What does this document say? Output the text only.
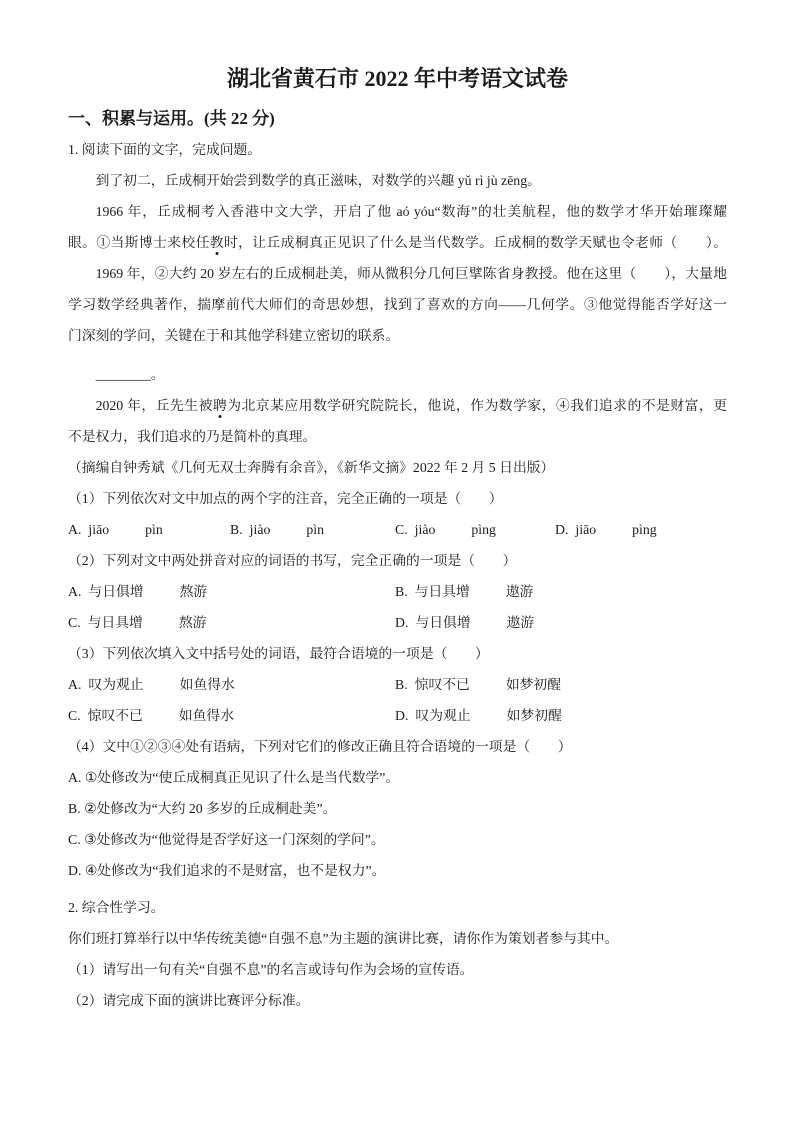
湖北省黄石市 2022 年中考语文试卷
一、积累与运用。(共 22 分)
1. 阅读下面的文字，完成问题。
到了初二，丘成桐开始尝到数学的真正滋味，对数学的兴趣 yǔ rì jù zēng。
1966 年，丘成桐考入香港中文大学，开启了他 aó yóu“数海”的壮美航程，他的数学才华开始璀璨耀
眼。①当斯博士来校任教时，让丘成桐真正见识了什么是当代数学。丘成桐的数学天赋也令老师（　　）。
1969 年，②大约 20 岁左右的丘成桐赴美，师从微积分几何巨擘陈省身教授。他在这里（　　），大量地
学习数学经典著作，揣摩前代大师们的奇思妙想，找到了喜欢的方向——几何学。③他觉得能否学好这一
门深刻的学问，关键在于和其他学科建立密切的联系。
________。
2020 年，丘先生被聘为北京某应用数学研究院院长，他说，作为数学家，④我们追求的不是财富，更
不是权力，我们追求的乃是简朴的真理。
（摘编自钟秀斌《几何无双士奔腾有余音》，《新华文摘》2022 年 2 月 5 日出版）
（1）下列依次对文中加点的两个字的注音，完全正确的一项是（　　）
A. jiāo	pìn	B. jiào	pìn	C. jiào	pìng	D. jiāo	pìng
（2）下列对文中两处拼音对应的词语的书写，完全正确的一项是（　　）
A. 与日俱增	熬游	B. 与日具增	遨游
C. 与日具增	熬游	D. 与日俱增	遨游
（3）下列依次填入文中括号处的词语，最符合语境的一项是（　　）
A. 叹为观止	如鱼得水	B. 惊叹不已	如梦初醒
C. 惊叹不已	如鱼得水	D. 叹为观止	如梦初醒
（4）文中①②③④处有语病，下列对它们的修改正确且符合语境的一项是（　　）
A. ①处修改为“使丘成桐真正见识了什么是当代数学”。
B. ②处修改为“大约 20 多岁的丘成桐赴美”。
C. ③处修改为“他觉得是否学好这一门深刻的学问”。
D. ④处修改为“我们追求的不是财富，也不是权力”。
2. 综合性学习。
你们班打算举行以中华传统美德“自强不息”为主题的演讲比赛，请你作为策划者参与其中。
（1）请写出一句有关“自强不息”的名言或诗句作为会场的宣传语。
（2）请完成下面的演讲比赛评分标准。
